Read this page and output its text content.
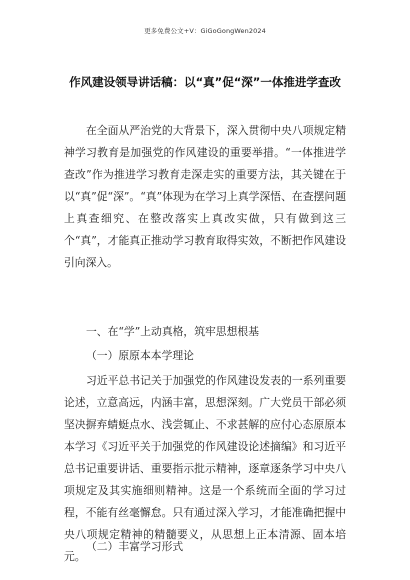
更多免费公文+V：GiGoGongWen2024
作风建设领导讲话稿：以“真”促“深”一体推进学查改

在全面从严治党的大背景下，深入贯彻中央八项规定精神学习教育是加强党的作风建设的重要举措。“一体推进学查改”作为推进学习教育走深走实的重要方法，其关键在于以“真”促“深”。“真”体现为在学习上真学深悟、在查摆问题上真查细究、在整改落实上真改实做，只有做到这三个“真”，才能真正推动学习教育取得实效，不断把作风建设引向深入。

一、在“学”上动真格，筑牢思想根基
（一）原原本本学理论

习近平总书记关于加强党的作风建设发表的一系列重要论述，立意高远，内涵丰富，思想深刻。广大党员干部必须坚决摒弃蜻蜓点水、浅尝辄止、不求甚解的应付心态原原本本学习《习近平关于加强党的作风建设论述摘编》和习近平总书记重要讲话、重要指示批示精神，逐章逐条学习中央八项规定及其实施细则精神。这是一个系统而全面的学习过程，不能有丝毫懈怠。只有通过深入学习，才能准确把握中央八项规定精神的精髓要义，从思想上正本清源、固本培元。

（二）丰富学习形式
